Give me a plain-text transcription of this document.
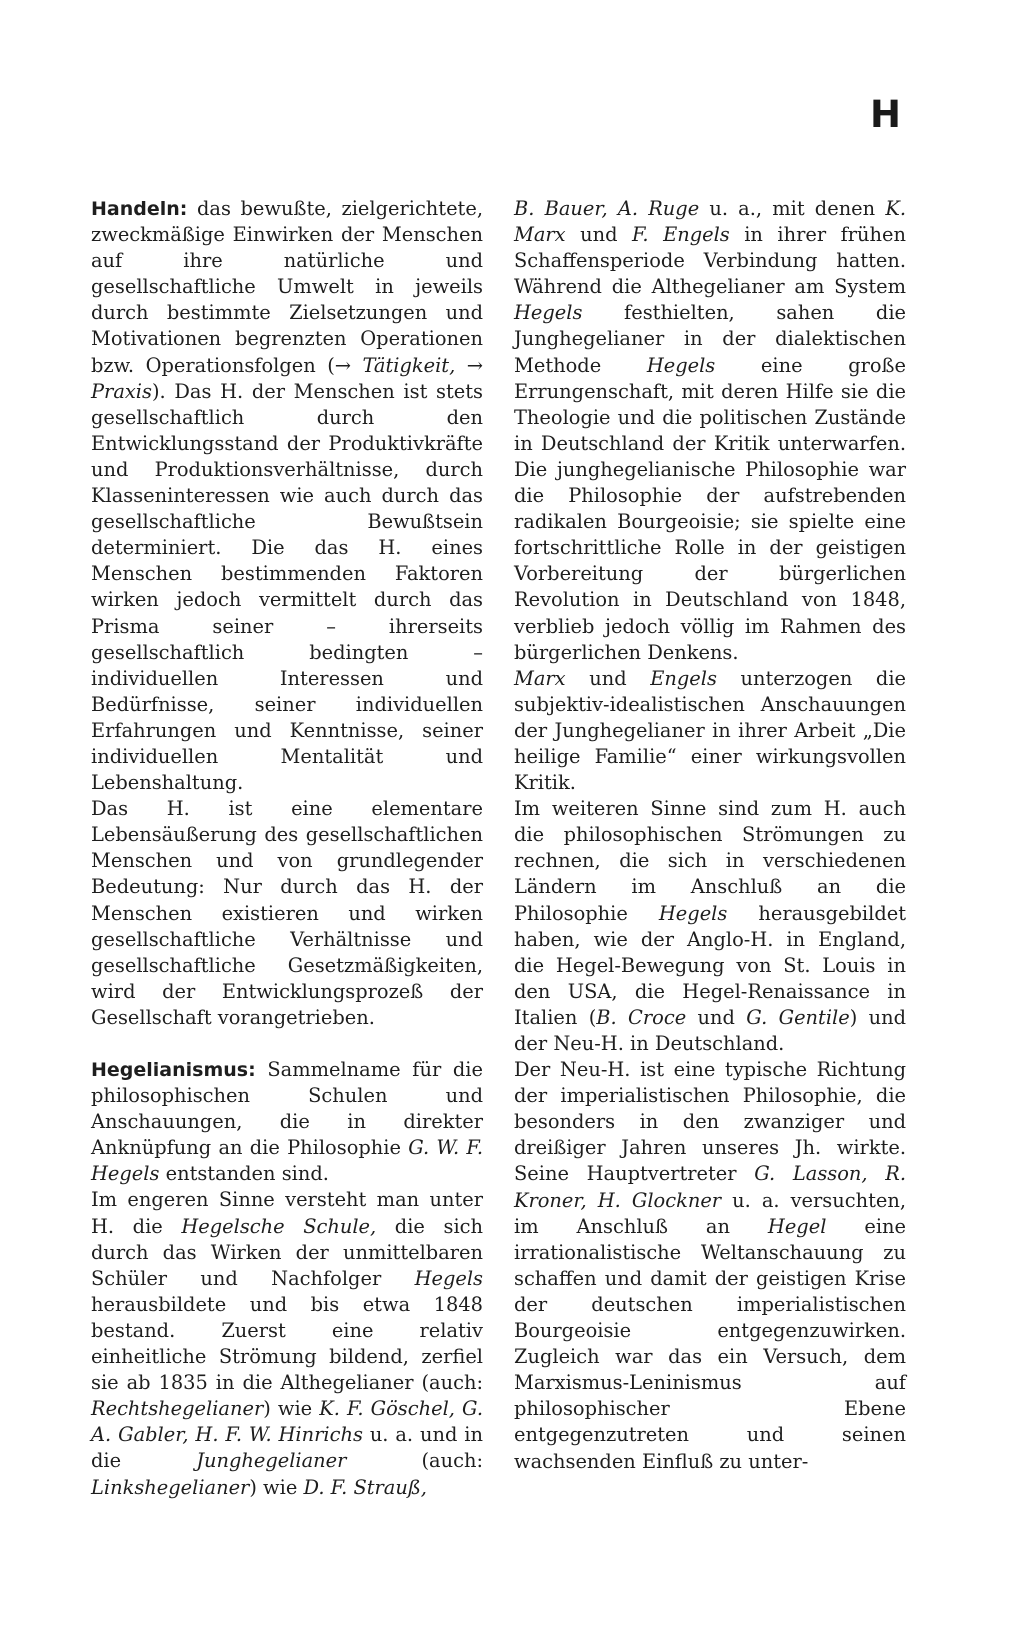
H

Handeln: das bewußte, zielgerichtete, zweckmäßige Einwirken der Menschen auf ihre natürliche und gesellschaftliche Umwelt in jeweils durch bestimmte Zielsetzungen und Motivationen begrenzten Operationen bzw. Operationsfolgen (→ Tätigkeit, → Praxis). Das H. der Menschen ist stets gesellschaftlich durch den Entwicklungsstand der Produktivkräfte und Produktionsverhältnisse, durch Klasseninteressen wie auch durch das gesellschaftliche Bewußtsein determiniert. Die das H. eines Menschen bestimmenden Faktoren wirken jedoch vermittelt durch das Prisma seiner – ihrerseits gesellschaftlich bedingten – individuellen Interessen und Bedürfnisse, seiner individuellen Erfahrungen und Kenntnisse, seiner individuellen Mentalität und Lebenshaltung.

Das H. ist eine elementare Lebensäußerung des gesellschaftlichen Menschen und von grundlegender Bedeutung: Nur durch das H. der Menschen existieren und wirken gesellschaftliche Verhältnisse und gesellschaftliche Gesetzmäßigkeiten, wird der Entwicklungsprozeß der Gesellschaft vorangetrieben.

Hegelianismus: Sammelname für die philosophischen Schulen und Anschauungen, die in direkter Anknüpfung an die Philosophie G. W. F. Hegels entstanden sind.

Im engeren Sinne versteht man unter H. die Hegelsche Schule, die sich durch das Wirken der unmittelbaren Schüler und Nachfolger Hegels herausbildete und bis etwa 1848 bestand. Zuerst eine relativ einheitliche Strömung bildend, zerfiel sie ab 1835 in die Althegelianer (auch: Rechtshegelianer) wie K. F. Göschel, G. A. Gabler, H. F. W. Hinrichs u. a. und in die Junghegelianer (auch: Linkshegelianer) wie D. F. Strauß,

B. Bauer, A. Ruge u. a., mit denen K. Marx und F. Engels in ihrer frühen Schaffensperiode Verbindung hatten. Während die Althegelianer am System Hegels festhielten, sahen die Junghegelianer in der dialektischen Methode Hegels eine große Errungenschaft, mit deren Hilfe sie die Theologie und die politischen Zustände in Deutschland der Kritik unterwarfen. Die junghegelianische Philosophie war die Philosophie der aufstrebenden radikalen Bourgeoisie; sie spielte eine fortschrittliche Rolle in der geistigen Vorbereitung der bürgerlichen Revolution in Deutschland von 1848, verblieb jedoch völlig im Rahmen des bürgerlichen Denkens.

Marx und Engels unterzogen die subjektiv-idealistischen Anschauungen der Junghegelianer in ihrer Arbeit „Die heilige Familie“ einer wirkungsvollen Kritik.

Im weiteren Sinne sind zum H. auch die philosophischen Strömungen zu rechnen, die sich in verschiedenen Ländern im Anschluß an die Philosophie Hegels herausgebildet haben, wie der Anglo-H. in England, die Hegel-Bewegung von St. Louis in den USA, die Hegel-Renaissance in Italien (B. Croce und G. Gentile) und der Neu-H. in Deutschland.

Der Neu-H. ist eine typische Richtung der imperialistischen Philosophie, die besonders in den zwanziger und dreißiger Jahren unseres Jh. wirkte. Seine Hauptvertreter G. Lasson, R. Kroner, H. Glockner u. a. versuchten, im Anschluß an Hegel eine irrationalistische Weltanschauung zu schaffen und damit der geistigen Krise der deutschen imperialistischen Bourgeoisie entgegenzuwirken. Zugleich war das ein Versuch, dem Marxismus-Leninismus auf philosophischer Ebene entgegenzutreten und seinen wachsenden Einfluß zu unter-
